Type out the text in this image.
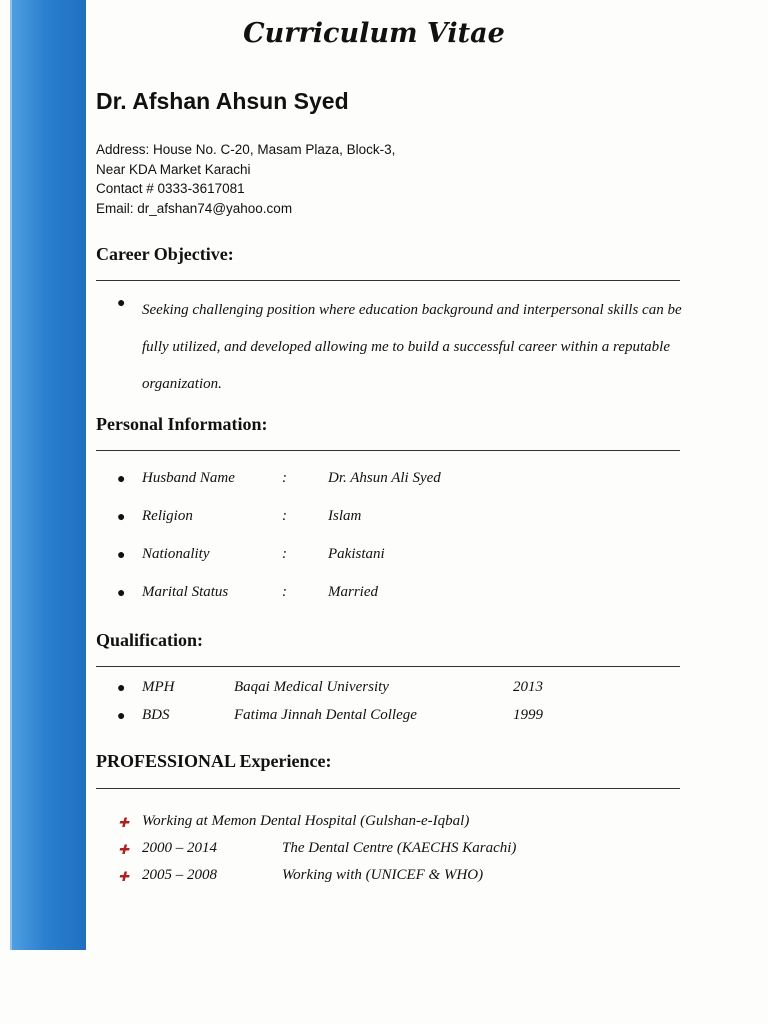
Curriculum Vitae
Dr. Afshan Ahsun Syed
Address: House No. C-20, Masam Plaza, Block-3,
Near KDA Market Karachi
Contact # 0333-3617081
Email: dr_afshan74@yahoo.com
Career Objective:
● Seeking challenging position where education background and interpersonal skills can be fully utilized, and developed allowing me to build a successful career within a reputable organization.
Personal Information:
● Husband Name	:	Dr. Ahsun Ali Syed
● Religion	:	Islam
● Nationality	:	Pakistani
● Marital Status	:	Married
Qualification:
● MPH	Baqai Medical University	2013
● BDS	Fatima Jinnah Dental College	1999
PROFESSIONAL Experience:
✚ Working at Memon Dental Hospital (Gulshan-e-Iqbal)
✚ 2000 – 2014	The Dental Centre (KAECHS Karachi)
✚ 2005 – 2008	Working with (UNICEF & WHO)
